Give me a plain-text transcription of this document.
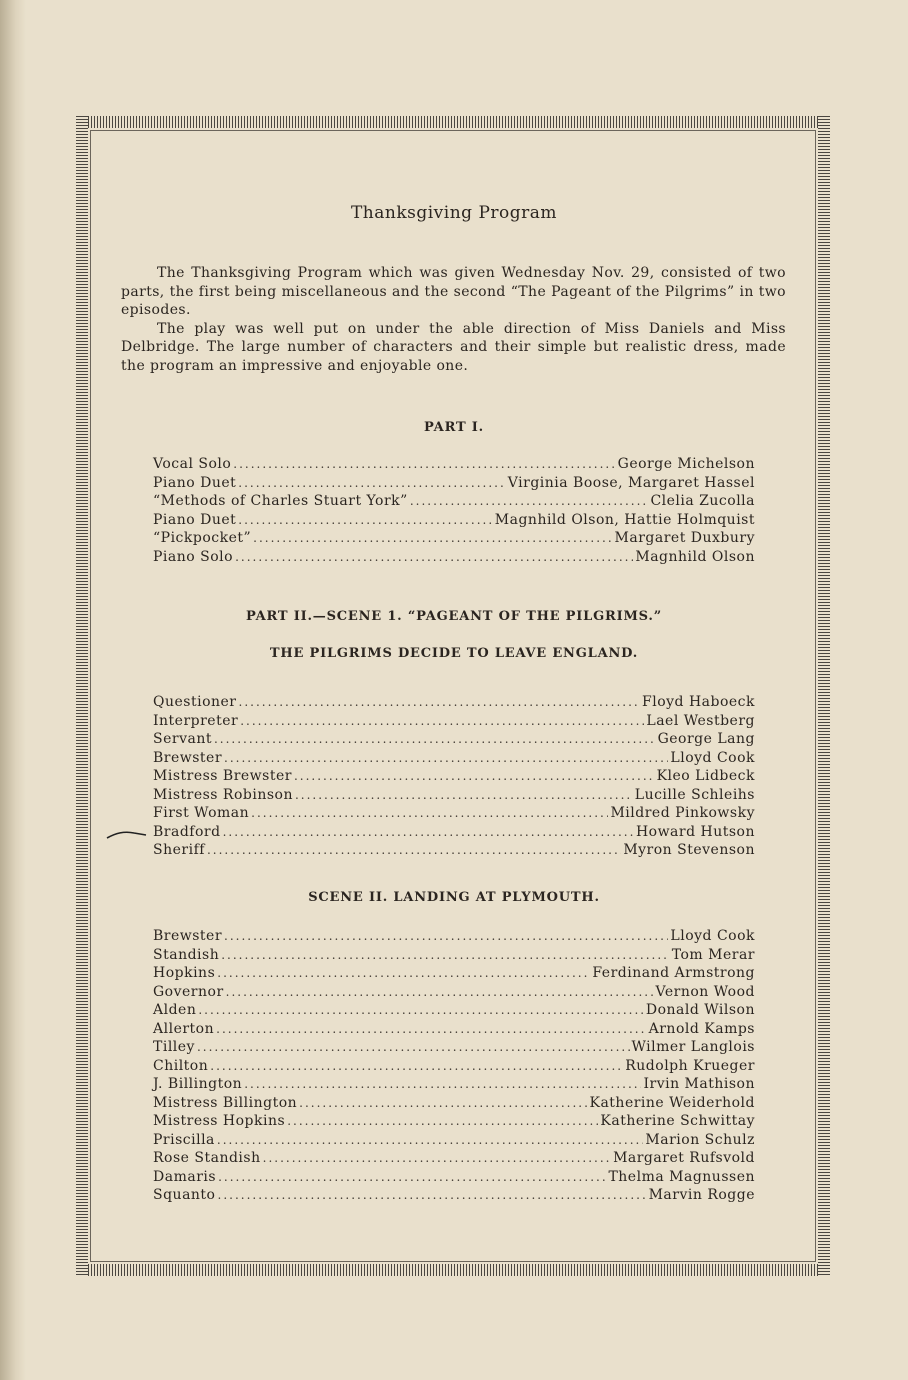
Thanksgiving Program

The Thanksgiving Program which was given Wednesday Nov. 29, consisted of two parts, the first being miscellaneous and the second “The Pageant of the Pilgrims” in two episodes.

The play was well put on under the able direction of Miss Daniels and Miss Delbridge. The large number of characters and their simple but realistic dress, made the program an impressive and enjoyable one.

PART I.
Vocal Solo .....	George Michelson
Piano Duet .....	Virginia Boose, Margaret Hassel
“Methods of Charles Stuart York” .....	Clelia Zucolla
Piano Duet .....	Magnhild Olson, Hattie Holmquist
“Pickpocket” .....	Margaret Duxbury
Piano Solo .....	Magnhild Olson
PART II.—SCENE 1. “PAGEANT OF THE PILGRIMS.”
THE PILGRIMS DECIDE TO LEAVE ENGLAND.
Questioner .....	Floyd Haboeck
Interpreter .....	Lael Westberg
Servant .....	George Lang
Brewster .....	Lloyd Cook
Mistress Brewster .....	Kleo Lidbeck
Mistress Robinson .....	Lucille Schleihs
First Woman .....	Mildred Pinkowsky
Bradford .....	Howard Hutson
Sheriff .....	Myron Stevenson
SCENE II. LANDING AT PLYMOUTH.
Brewster .....	Lloyd Cook
Standish .....	Tom Merar
Hopkins .....	Ferdinand Armstrong
Governor .....	Vernon Wood
Alden .....	Donald Wilson
Allerton .....	Arnold Kamps
Tilley .....	Wilmer Langlois
Chilton .....	Rudolph Krueger
J. Billington .....	Irvin Mathison
Mistress Billington .....	Katherine Weiderhold
Mistress Hopkins .....	Katherine Schwittay
Priscilla .....	Marion Schulz
Rose Standish .....	Margaret Rufsvold
Damaris .....	Thelma Magnussen
Squanto .....	Marvin Rogge
